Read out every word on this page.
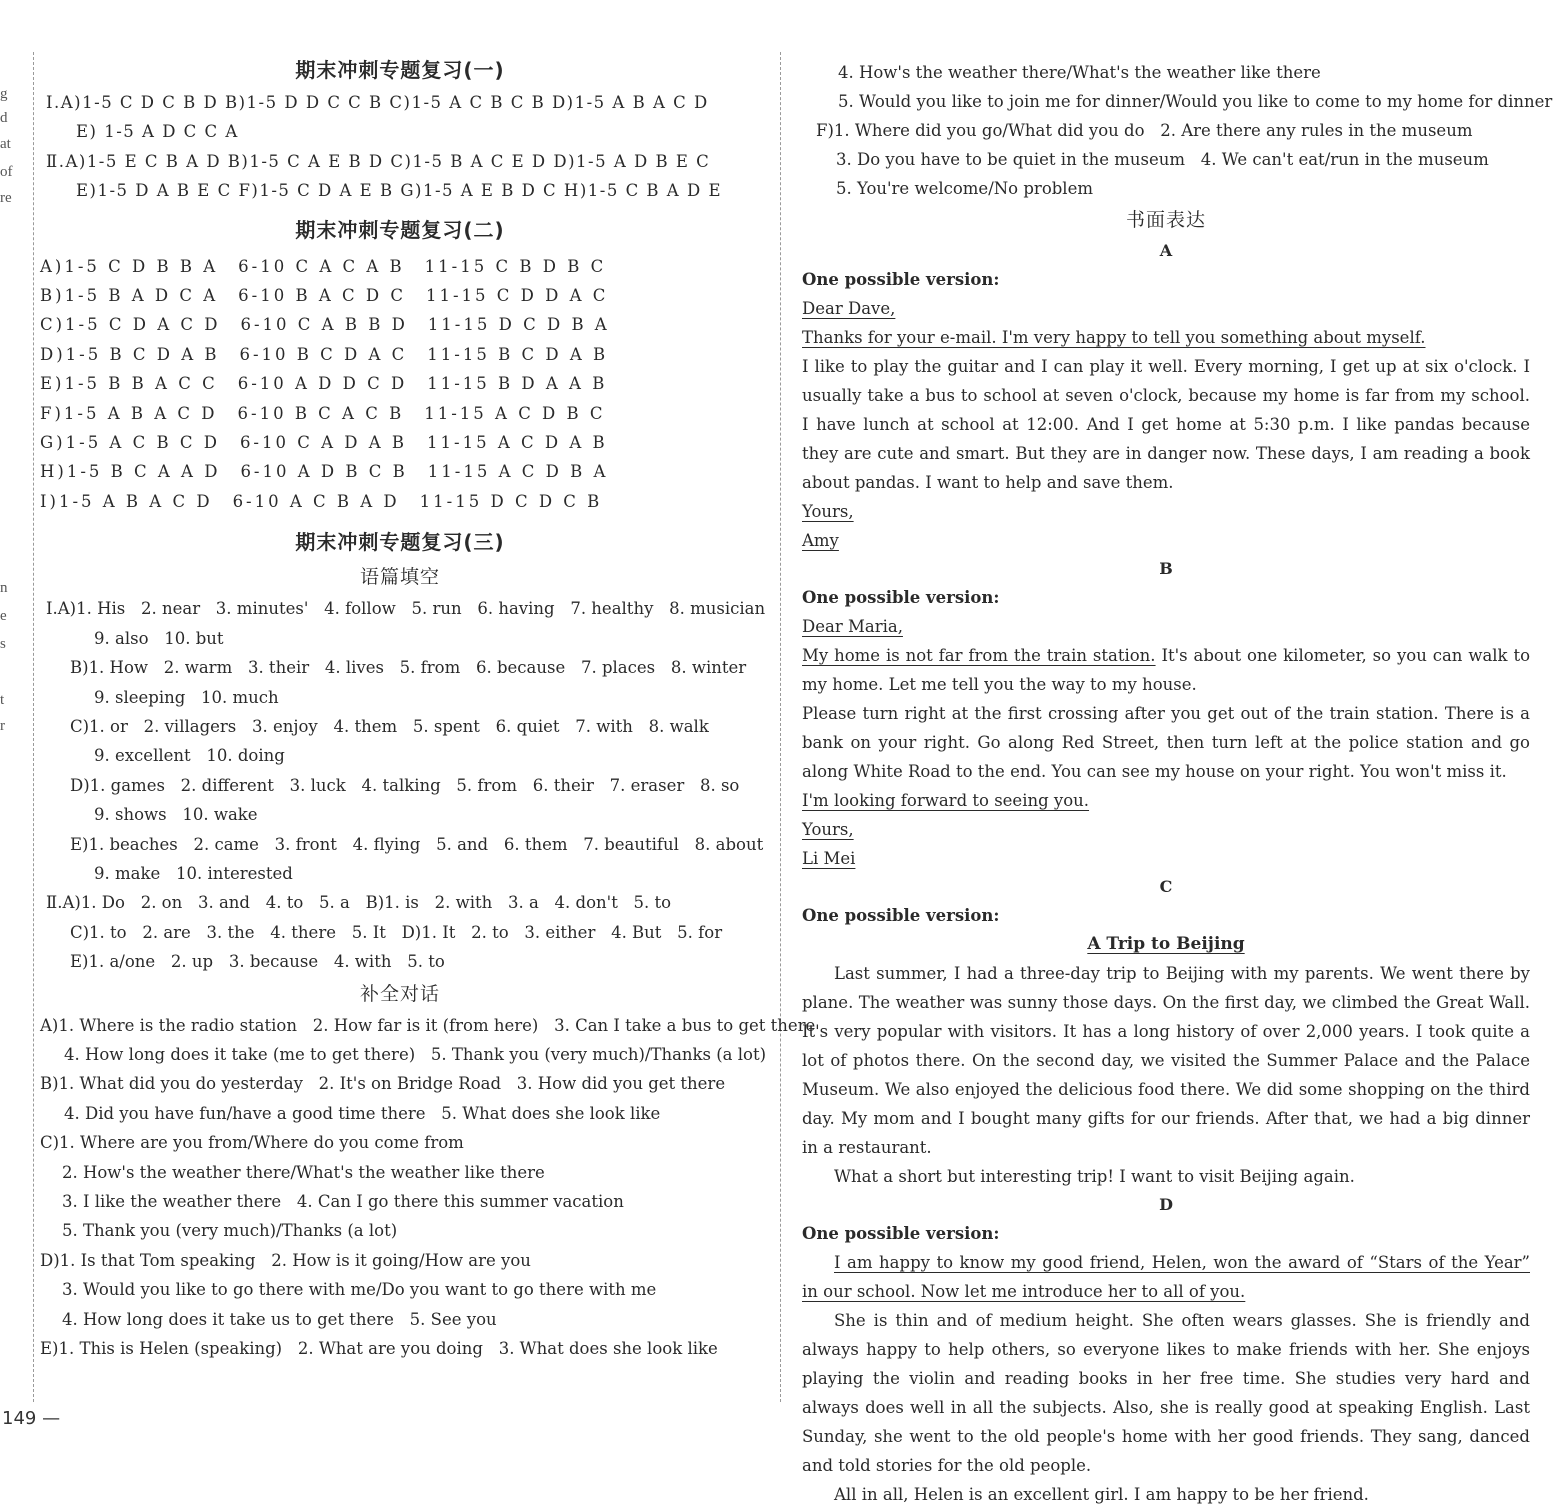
g
d
at
of
re
n
e
s
t
r
期末冲刺专题复习(一)
Ⅰ.A)1-5 C D C B D B)1-5 D D C C B C)1-5 A C B C B D)1-5 A B A C D
E) 1-5 A D C C A
Ⅱ.A)1-5 E C B A D B)1-5 C A E B D C)1-5 B A C E D D)1-5 A D B E C
E)1-5 D A B E C F)1-5 C D A E B G)1-5 A E B D C H)1-5 C B A D E
期末冲刺专题复习(二)
A)1-5 C D B B A 6-10 C A C A B 11-15 C B D B C
B)1-5 B A D C A 6-10 B A C D C 11-15 C D D A C
C)1-5 C D A C D 6-10 C A B B D 11-15 D C D B A
D)1-5 B C D A B 6-10 B C D A C 11-15 B C D A B
E)1-5 B B A C C 6-10 A D D C D 11-15 B D A A B
F)1-5 A B A C D 6-10 B C A C B 11-15 A C D B C
G)1-5 A C B C D 6-10 C A D A B 11-15 A C D A B
H)1-5 B C A A D 6-10 A D B C B 11-15 A C D B A
I)1-5 A B A C D 6-10 A C B A D 11-15 D C D C B
期末冲刺专题复习(三)
语篇填空
Ⅰ.A)1. His   2. near   3. minutes'   4. follow   5. run   6. having   7. healthy   8. musician
9. also   10. but
B)1. How   2. warm   3. their   4. lives   5. from   6. because   7. places   8. winter
9. sleeping   10. much
C)1. or   2. villagers   3. enjoy   4. them   5. spent   6. quiet   7. with   8. walk
9. excellent   10. doing
D)1. games   2. different   3. luck   4. talking   5. from   6. their   7. eraser   8. so
9. shows   10. wake
E)1. beaches   2. came   3. front   4. flying   5. and   6. them   7. beautiful   8. about
9. make   10. interested
Ⅱ.A)1. Do   2. on   3. and   4. to   5. a   B)1. is   2. with   3. a   4. don't   5. to
C)1. to   2. are   3. the   4. there   5. It   D)1. It   2. to   3. either   4. But   5. for
E)1. a/one   2. up   3. because   4. with   5. to
补全对话
A)1. Where is the radio station   2. How far is it (from here)   3. Can I take a bus to get there
4. How long does it take (me to get there)   5. Thank you (very much)/Thanks (a lot)
B)1. What did you do yesterday   2. It's on Bridge Road   3. How did you get there
4. Did you have fun/have a good time there   5. What does she look like
C)1. Where are you from/Where do you come from
2. How's the weather there/What's the weather like there
3. I like the weather there   4. Can I go there this summer vacation
5. Thank you (very much)/Thanks (a lot)
D)1. Is that Tom speaking   2. How is it going/How are you
3. Would you like to go there with me/Do you want to go there with me
4. How long does it take us to get there   5. See you
E)1. This is Helen (speaking)   2. What are you doing   3. What does she look like
4. How's the weather there/What's the weather like there
5. Would you like to join me for dinner/Would you like to come to my home for dinner
F)1. Where did you go/What did you do   2. Are there any rules in the museum
3. Do you have to be quiet in the museum   4. We can't eat/run in the museum
5. You're welcome/No problem
书面表达
A
One possible version:
Dear Dave,
Thanks for your e-mail. I'm very happy to tell you something about myself.
I like to play the guitar and I can play it well. Every morning, I get up at six o'clock. I usually take a bus to school at seven o'clock, because my home is far from my school. I have lunch at school at 12:00. And I get home at 5:30 p.m. I like pandas because they are cute and smart. But they are in danger now. These days, I am reading a book about pandas. I want to help and save them.
Yours,
Amy
B
One possible version:
Dear Maria,
My home is not far from the train station. It's about one kilometer, so you can walk to my home. Let me tell you the way to my house.
Please turn right at the first crossing after you get out of the train station. There is a bank on your right. Go along Red Street, then turn left at the police station and go along White Road to the end. You can see my house on your right. You won't miss it.
I'm looking forward to seeing you.
Yours,
Li Mei
C
One possible version:
A Trip to Beijing
Last summer, I had a three-day trip to Beijing with my parents. We went there by plane. The weather was sunny those days. On the first day, we climbed the Great Wall. It's very popular with visitors. It has a long history of over 2,000 years. I took quite a lot of photos there. On the second day, we visited the Summer Palace and the Palace Museum. We also enjoyed the delicious food there. We did some shopping on the third day. My mom and I bought many gifts for our friends. After that, we had a big dinner in a restaurant.
What a short but interesting trip! I want to visit Beijing again.
D
One possible version:
I am happy to know my good friend, Helen, won the award of “Stars of the Year” in our school. Now let me introduce her to all of you.
She is thin and of medium height. She often wears glasses. She is friendly and always happy to help others, so everyone likes to make friends with her. She enjoys playing the violin and reading books in her free time. She studies very hard and always does well in all the subjects. Also, she is really good at speaking English. Last Sunday, she went to the old people's home with her good friends. They sang, danced and told stories for the old people.
All in all, Helen is an excellent girl. I am happy to be her friend.
149 —
